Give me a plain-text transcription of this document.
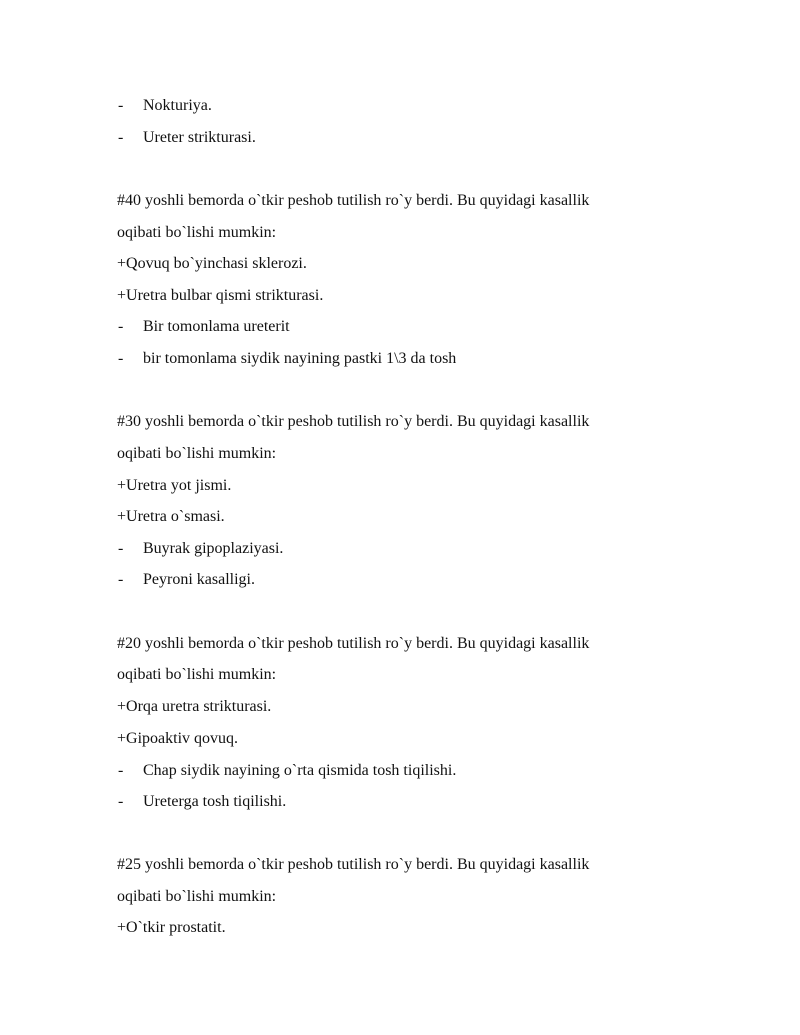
- Nokturiya.
- Ureter strikturasi.
#40 yoshli bemorda o`tkir peshob tutilish ro`y berdi. Bu quyidagi kasallik
oqibati bo`lishi mumkin:
+Qovuq bo`yinchasi sklerozi.
+Uretra bulbar qismi strikturasi.
- Bir tomonlama ureterit
- bir tomonlama siydik nayining pastki 1\3 da tosh
#30 yoshli bemorda o`tkir peshob tutilish ro`y berdi. Bu quyidagi kasallik
oqibati bo`lishi mumkin:
+Uretra yot jismi.
+Uretra o`smasi.
- Buyrak gipoplaziyasi.
- Peyroni kasalligi.
#20 yoshli bemorda o`tkir peshob tutilish ro`y berdi. Bu quyidagi kasallik
oqibati bo`lishi mumkin:
+Orqa uretra strikturasi.
+Gipoaktiv qovuq.
- Chap siydik nayining o`rta qismida tosh tiqilishi.
- Ureterga tosh tiqilishi.
#25 yoshli bemorda o`tkir peshob tutilish ro`y berdi. Bu quyidagi kasallik
oqibati bo`lishi mumkin:
+O`tkir prostatit.
